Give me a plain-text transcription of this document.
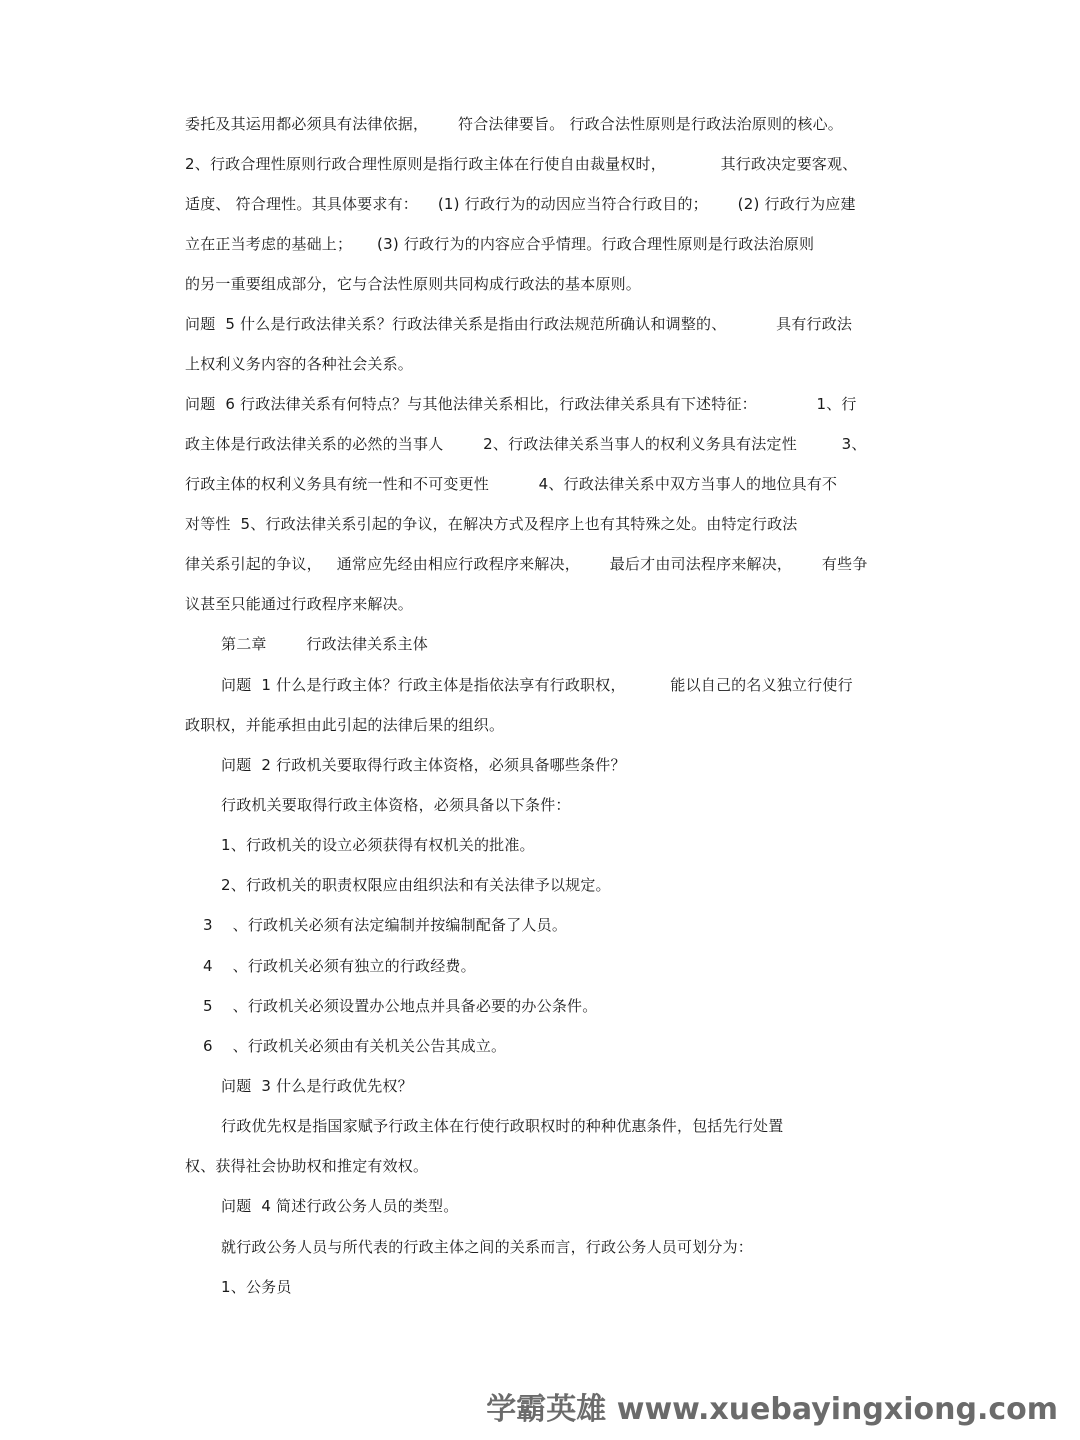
委托及其运用都必须具有法律依据，      符合法律要旨。 行政合法性原则是行政法治原则的核心。
2、行政合理性原则行政合理性原则是指行政主体在行使自由裁量权时，           其行政决定要客观、
适度、 符合理性。其具体要求有：    (1) 行政行为的动因应当符合行政目的；      (2) 行政行为应建
立在正当考虑的基础上；     (3) 行政行为的内容应合乎情理。行政合理性原则是行政法治原则
的另一重要组成部分，它与合法性原则共同构成行政法的基本原则。
问题  5 什么是行政法律关系？行政法律关系是指由行政法规范所确认和调整的、          具有行政法
上权利义务内容的各种社会关系。
问题  6 行政法律关系有何特点？与其他法律关系相比，行政法律关系具有下述特征：            1、行
政主体是行政法律关系的必然的当事人        2、行政法律关系当事人的权利义务具有法定性         3、
行政主体的权利义务具有统一性和不可变更性          4、行政法律关系中双方当事人的地位具有不
对等性  5、行政法律关系引起的争议，在解决方式及程序上也有其特殊之处。由特定行政法
律关系引起的争议，   通常应先经由相应行政程序来解决，      最后才由司法程序来解决，      有些争
议甚至只能通过行政程序来解决。
第二章        行政法律关系主体
问题  1 什么是行政主体？行政主体是指依法享有行政职权，         能以自己的名义独立行使行
政职权，并能承担由此引起的法律后果的组织。
问题  2 行政机关要取得行政主体资格，必须具备哪些条件？
行政机关要取得行政主体资格，必须具备以下条件：
1、行政机关的设立必须获得有权机关的批准。
2、行政机关的职责权限应由组织法和有关法律予以规定。
3    、行政机关必须有法定编制并按编制配备了人员。
4    、行政机关必须有独立的行政经费。
5    、行政机关必须设置办公地点并具备必要的办公条件。
6    、行政机关必须由有关机关公告其成立。
问题  3 什么是行政优先权？
行政优先权是指国家赋予行政主体在行使行政职权时的种种优惠条件，包括先行处置
权、获得社会协助权和推定有效权。
问题  4 简述行政公务人员的类型。
就行政公务人员与所代表的行政主体之间的关系而言，行政公务人员可划分为：
1、公务员
学霸英雄 www.xuebayingxiong.com
